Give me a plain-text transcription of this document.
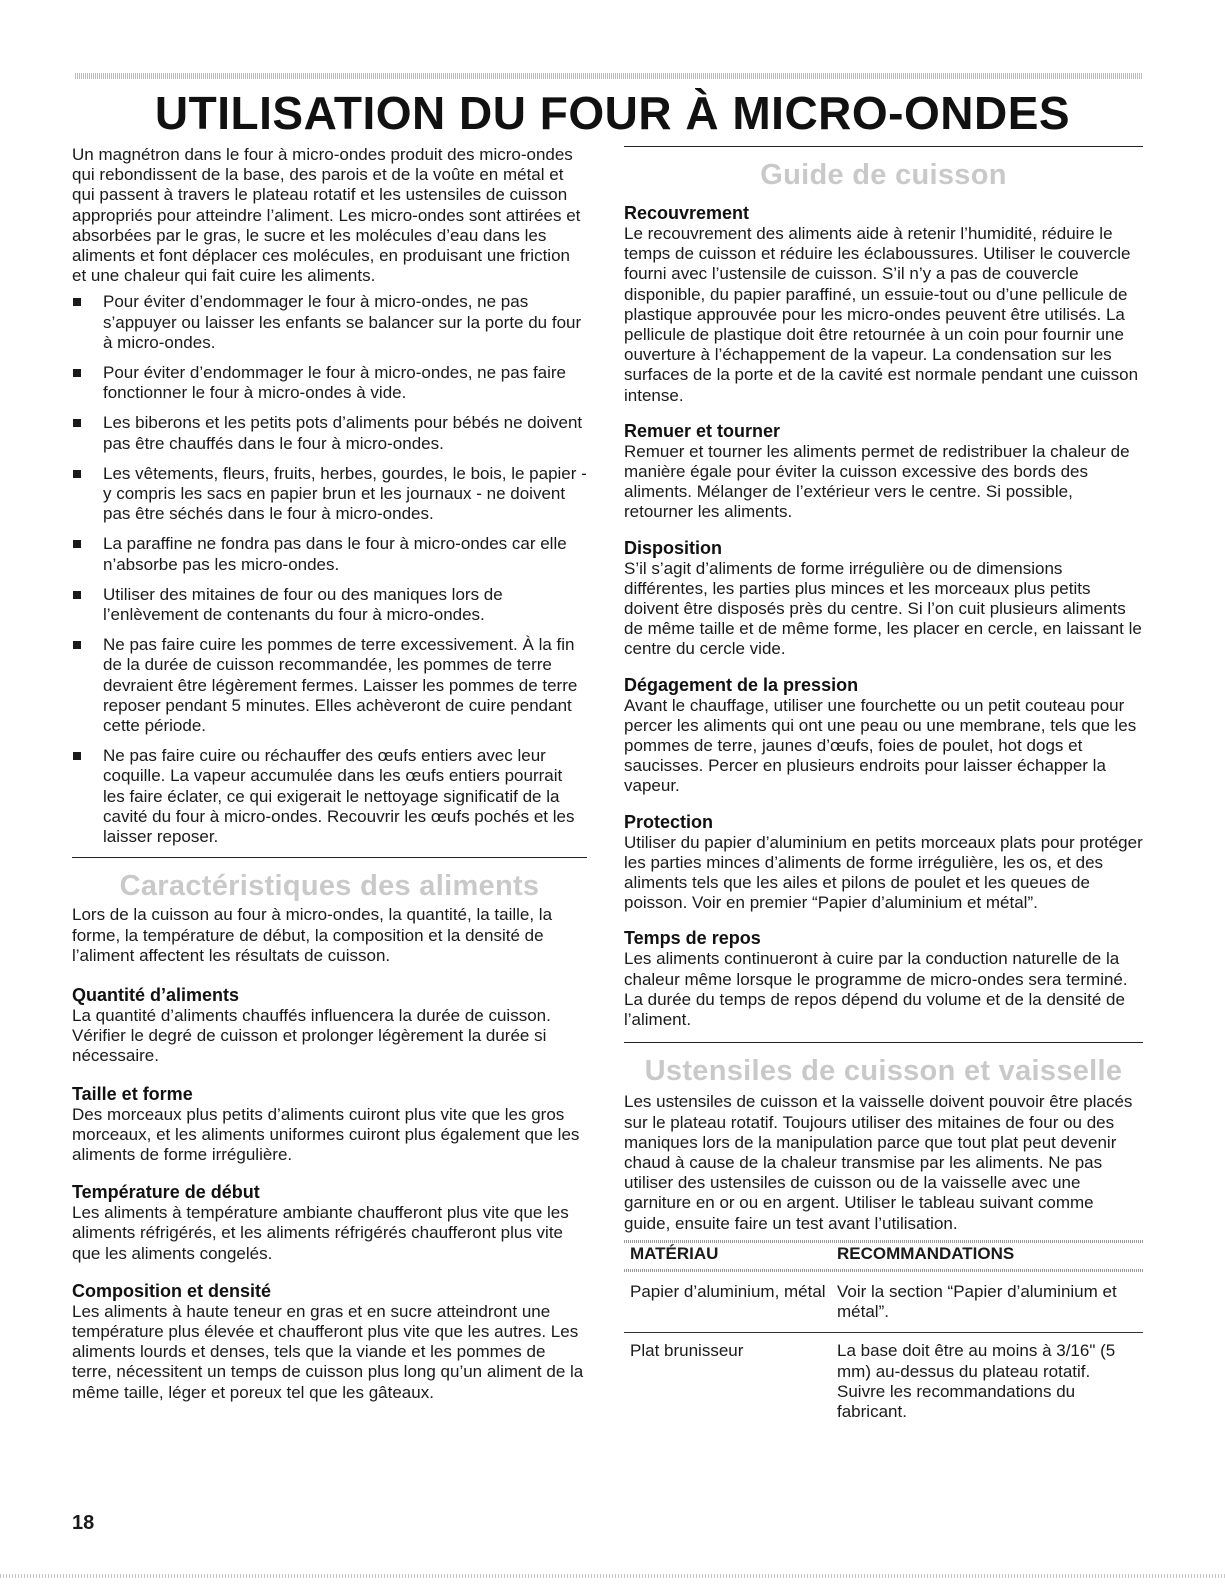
UTILISATION DU FOUR À MICRO-ONDES

Un magnétron dans le four à micro-ondes produit des micro-ondes qui rebondissent de la base, des parois et de la voûte en métal et qui passent à travers le plateau rotatif et les ustensiles de cuisson appropriés pour atteindre l’aliment. Les micro-ondes sont attirées et absorbées par le gras, le sucre et les molécules d’eau dans les aliments et font déplacer ces molécules, en produisant une friction et une chaleur qui fait cuire les aliments.

Pour éviter d’endommager le four à micro-ondes, ne pas s’appuyer ou laisser les enfants se balancer sur la porte du four à micro-ondes.
Pour éviter d’endommager le four à micro-ondes, ne pas faire fonctionner le four à micro-ondes à vide.
Les biberons et les petits pots d’aliments pour bébés ne doivent pas être chauffés dans le four à micro-ondes.
Les vêtements, fleurs, fruits, herbes, gourdes, le bois, le papier - y compris les sacs en papier brun et les journaux - ne doivent pas être séchés dans le four à micro-ondes.
La paraffine ne fondra pas dans le four à micro-ondes car elle n’absorbe pas les micro-ondes.
Utiliser des mitaines de four ou des maniques lors de l’enlèvement de contenants du four à micro-ondes.
Ne pas faire cuire les pommes de terre excessivement. À la fin de la durée de cuisson recommandée, les pommes de terre devraient être légèrement fermes. Laisser les pommes de terre reposer pendant 5 minutes. Elles achèveront de cuire pendant cette période.
Ne pas faire cuire ou réchauffer des œufs entiers avec leur coquille. La vapeur accumulée dans les œufs entiers pourrait les faire éclater, ce qui exigerait le nettoyage significatif de la cavité du four à micro-ondes. Recouvrir les œufs pochés et les laisser reposer.
Caractéristiques des aliments

Lors de la cuisson au four à micro-ondes, la quantité, la taille, la forme, la température de début, la composition et la densité de l’aliment affectent les résultats de cuisson.

Quantité d’aliments

La quantité d’aliments chauffés influencera la durée de cuisson. Vérifier le degré de cuisson et prolonger légèrement la durée si nécessaire.

Taille et forme

Des morceaux plus petits d’aliments cuiront plus vite que les gros morceaux, et les aliments uniformes cuiront plus également que les aliments de forme irrégulière.

Température de début

Les aliments à température ambiante chaufferont plus vite que les aliments réfrigérés, et les aliments réfrigérés chaufferont plus vite que les aliments congelés.

Composition et densité

Les aliments à haute teneur en gras et en sucre atteindront une température plus élevée et chaufferont plus vite que les autres. Les aliments lourds et denses, tels que la viande et les pommes de terre, nécessitent un temps de cuisson plus long qu’un aliment de la même taille, léger et poreux tel que les gâteaux.

Guide de cuisson
Recouvrement

Le recouvrement des aliments aide à retenir l’humidité, réduire le temps de cuisson et réduire les éclaboussures. Utiliser le couvercle fourni avec l’ustensile de cuisson. S’il n’y a pas de couvercle disponible, du papier paraffiné, un essuie-tout ou d’une pellicule de plastique approuvée pour les micro-ondes peuvent être utilisés. La pellicule de plastique doit être retournée à un coin pour fournir une ouverture à l’échappement de la vapeur. La condensation sur les surfaces de la porte et de la cavité est normale pendant une cuisson intense.

Remuer et tourner

Remuer et tourner les aliments permet de redistribuer la chaleur de manière égale pour éviter la cuisson excessive des bords des aliments. Mélanger de l’extérieur vers le centre. Si possible, retourner les aliments.

Disposition

S’il s’agit d’aliments de forme irrégulière ou de dimensions différentes, les parties plus minces et les morceaux plus petits doivent être disposés près du centre. Si l’on cuit plusieurs aliments de même taille et de même forme, les placer en cercle, en laissant le centre du cercle vide.

Dégagement de la pression

Avant le chauffage, utiliser une fourchette ou un petit couteau pour percer les aliments qui ont une peau ou une membrane, tels que les pommes de terre, jaunes d’œufs, foies de poulet, hot dogs et saucisses. Percer en plusieurs endroits pour laisser échapper la vapeur.

Protection

Utiliser du papier d’aluminium en petits morceaux plats pour protéger les parties minces d’aliments de forme irrégulière, les os, et des aliments tels que les ailes et pilons de poulet et les queues de poisson. Voir en premier “Papier d’aluminium et métal”.

Temps de repos

Les aliments continueront à cuire par la conduction naturelle de la chaleur même lorsque le programme de micro-ondes sera terminé. La durée du temps de repos dépend du volume et de la densité de l’aliment.

Ustensiles de cuisson et vaisselle

Les ustensiles de cuisson et la vaisselle doivent pouvoir être placés sur le plateau rotatif. Toujours utiliser des mitaines de four ou des maniques lors de la manipulation parce que tout plat peut devenir chaud à cause de la chaleur transmise par les aliments. Ne pas utiliser des ustensiles de cuisson ou de la vaisselle avec une garniture en or ou en argent. Utiliser le tableau suivant comme guide, ensuite faire un test avant l’utilisation.

MATÉRIAU	RECOMMANDATIONS
Papier d’aluminium, métal	Voir la section “Papier d’aluminium et métal”.
Plat brunisseur	La base doit être au moins à 3/16" (5 mm) au-dessus du plateau rotatif. Suivre les recommandations du fabricant.
18
